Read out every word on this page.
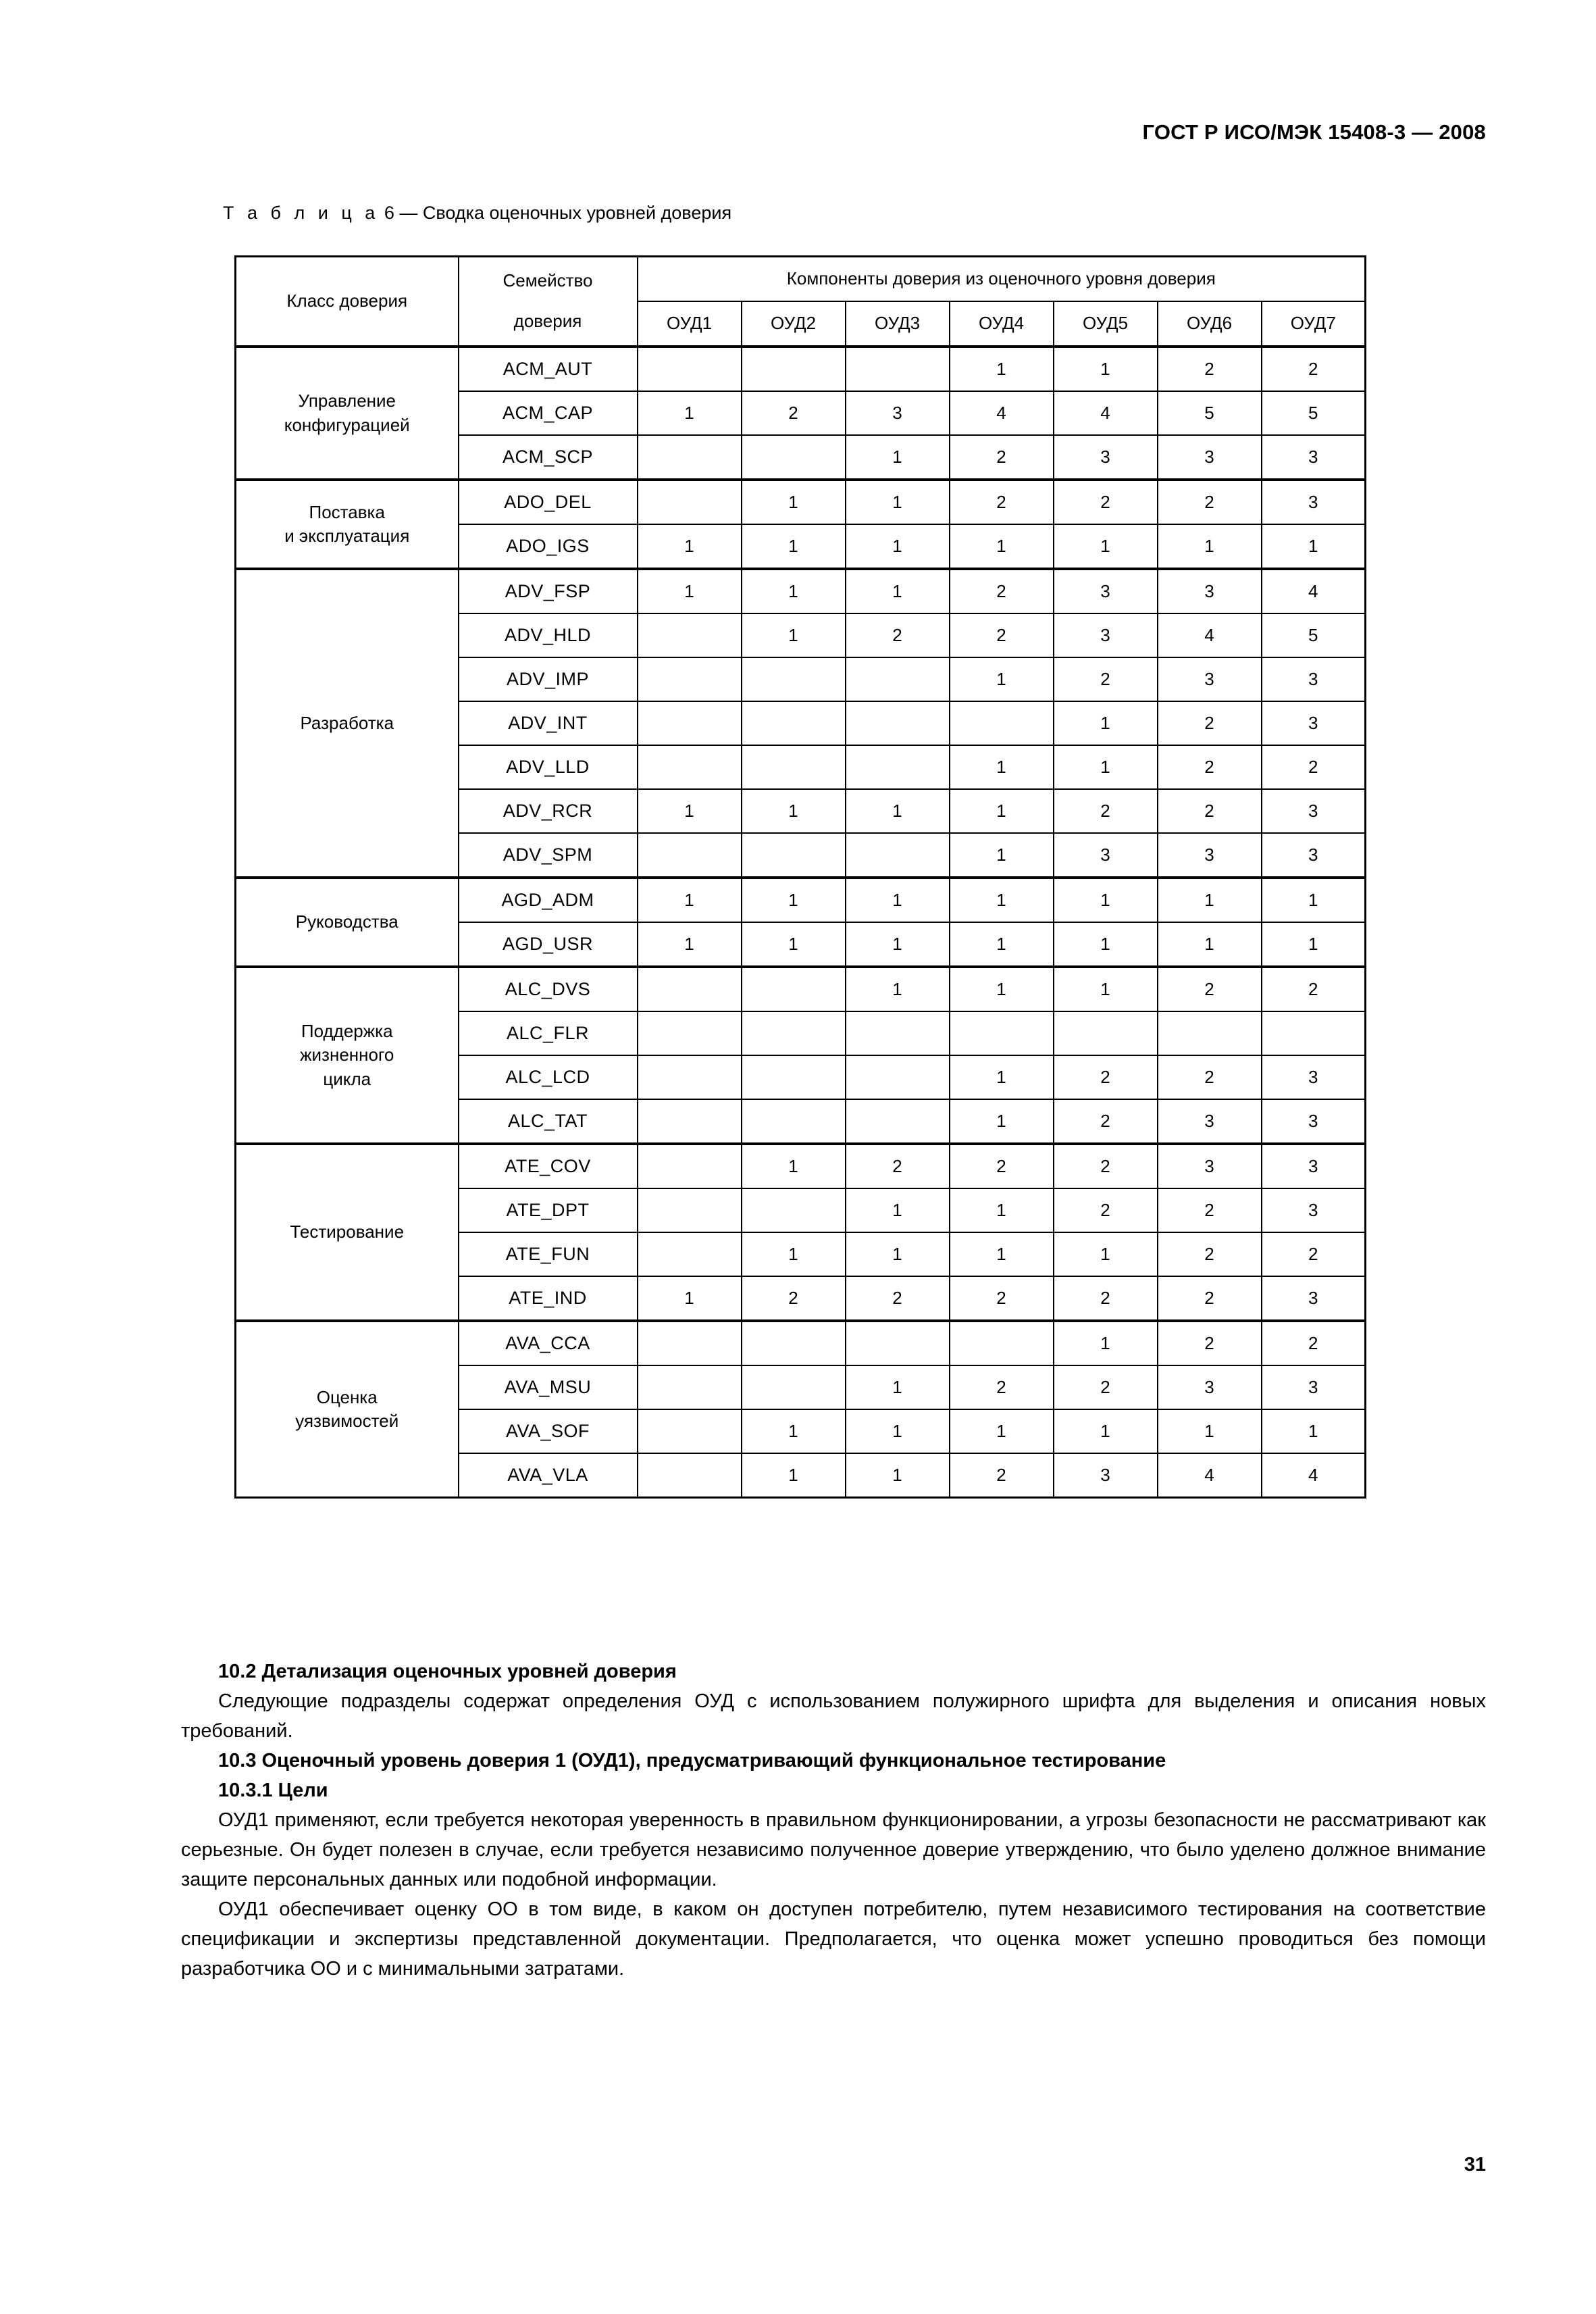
ГОСТ Р ИСО/МЭК 15408-3 — 2008
Т а б л и ц а 6 — Сводка оценочных уровней доверия
Класс доверия	Семейство
доверия	Компоненты доверия из оценочного уровня доверия						
		ОУД1	ОУД2	ОУД3	ОУД4	ОУД5	ОУД6	ОУД7

Управление
конфигурацией	ACM_AUT				1	1	2	2
	ACM_CAP	1	2	3	4	4	5	5
	ACM_SCP			1	2	3	3	3

Поставка
и эксплуатация	ADO_DEL		1	1	2	2	2	3
	ADO_IGS	1	1	1	1	1	1	1

Разработка	ADV_FSP	1	1	1	2	3	3	4
	ADV_HLD		1	2	2	3	4	5
	ADV_IMP				1	2	3	3
	ADV_INT					1	2	3
	ADV_LLD				1	1	2	2
	ADV_RCR	1	1	1	1	2	2	3
	ADV_SPM				1	3	3	3

Руководства	AGD_ADM	1	1	1	1	1	1	1
	AGD_USR	1	1	1	1	1	1	1

Поддержка
жизненного
цикла	ALC_DVS			1	1	1	2	2
	ALC_FLR							
	ALC_LCD				1	2	2	3
	ALC_TAT				1	2	3	3

Тестирование	ATE_COV		1	2	2	2	3	3
	ATE_DPT			1	1	2	2	3
	ATE_FUN		1	1	1	1	2	2
	ATE_IND	1	2	2	2	2	2	3

Оценка
уязвимостей	AVA_CCA					1	2	2
	AVA_MSU			1	2	2	3	3
	AVA_SOF		1	1	1	1	1	1
	AVA_VLA		1	1	2	3	4	4

10.2 Детализация оценочных уровней доверия

Следующие подразделы содержат определения ОУД с использованием полужирного шрифта для выделения и описания новых требований.

10.3 Оценочный уровень доверия 1 (ОУД1), предусматривающий функциональное тестирование

10.3.1 Цели

ОУД1 применяют, если требуется некоторая уверенность в правильном функционировании, а угрозы безопасности не рассматривают как серьезные. Он будет полезен в случае, если требуется независимо полученное доверие утверждению, что было уделено должное внимание защите персональных данных или подобной информации.

ОУД1 обеспечивает оценку ОО в том виде, в каком он доступен потребителю, путем независимого тестирования на соответствие спецификации и экспертизы представленной документации. Предполагается, что оценка может успешно проводиться без помощи разработчика ОО и с минимальными затратами.

31
